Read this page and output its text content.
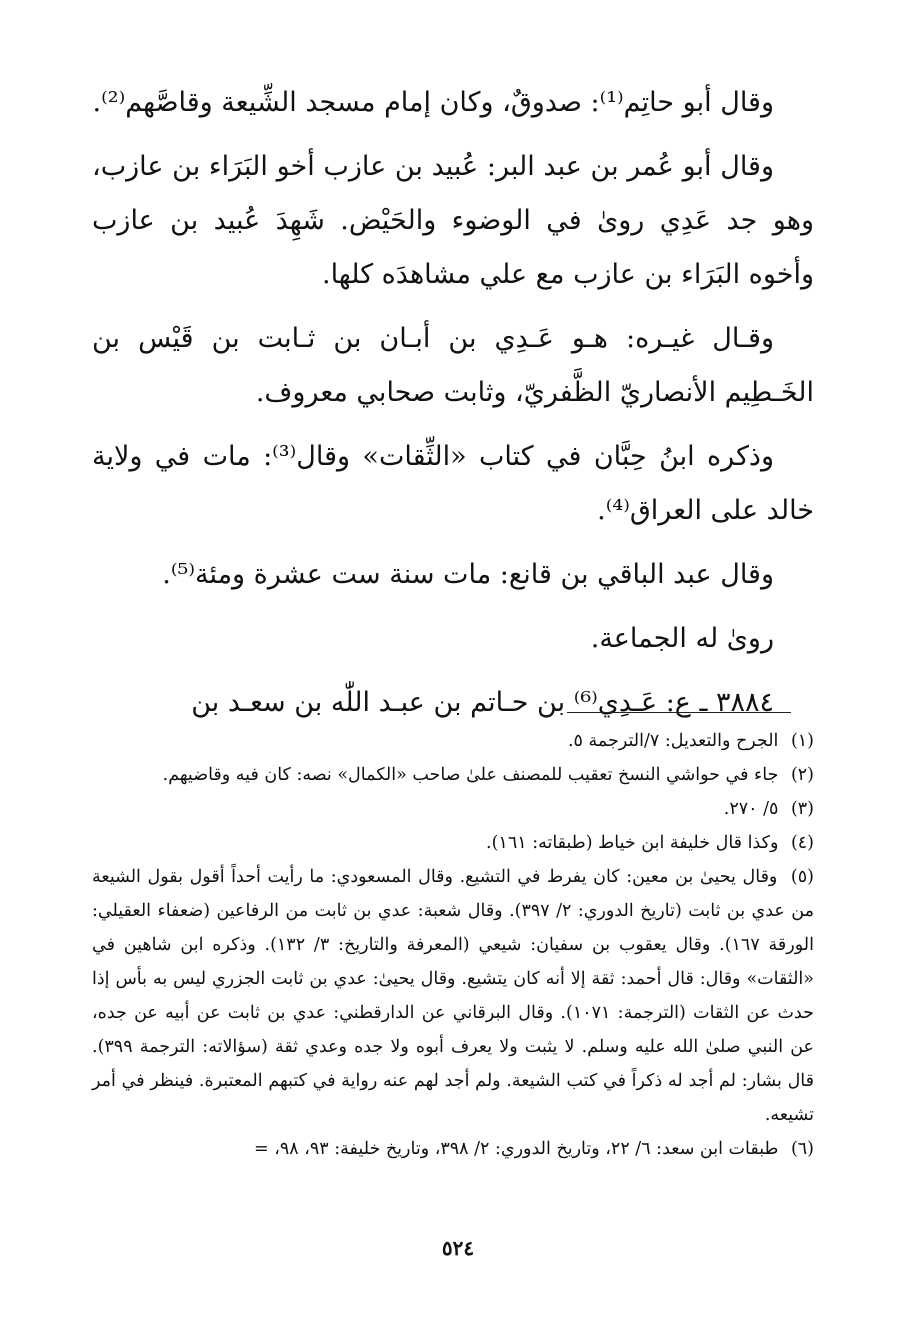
وقال أبو حاتِم⁽¹⁾: صدوقٌ، وكان إمام مسجد الشِّيعة وقاصَّهم⁽²⁾.

وقال أبو عُمر بن عبد البر: عُبيد بن عازب أخو البَرَاء بن عازب، وهو جد عَدِي روىٰ في الوضوء والحَيْض. شَهِدَ عُبيد بن عازب وأخوه البَرَاء بن عازب مع علي مشاهدَه كلها.

وقـال غيـره: هـو عَـدِي بن أبـان بن ثـابت بن قَيْس بن الخَـطِيم الأنصاريّ الظَّفريّ، وثابت صحابي معروف.

وذكره ابنُ حِبَّان في كتاب «الثِّقات» وقال⁽³⁾: مات في ولاية خالد على العراق⁽⁴⁾.

وقال عبد الباقي بن قانع: مات سنة ست عشرة ومئة⁽⁵⁾.

روىٰ له الجماعة.

٣٨٨٤ ـ ع: عَـدِي⁽⁶⁾ بن حـاتم بن عبـد اللّٰه بن سعـد بن

(١) الجرح والتعديل: ٧/الترجمة ٥.

(٢) جاء في حواشي النسخ تعقيب للمصنف علىٰ صاحب «الكمال» نصه: كان فيه وقاضيهم.

(٣) ٥/ ٢٧٠.

(٤) وكذا قال خليفة ابن خياط (طبقاته: ١٦١).

(٥) وقال يحيىٰ بن معين: كان يفرط في التشيع. وقال المسعودي: ما رأيت أحداً أقول بقول الشيعة من عدي بن ثابت (تاريخ الدوري: ٢/ ٣٩٧). وقال شعبة: عدي بن ثابت من الرفاعين (ضعفاء العقيلي: الورقة ١٦٧). وقال يعقوب بن سفيان: شيعي (المعرفة والتاريخ: ٣/ ١٣٢). وذكره ابن شاهين في «الثقات» وقال: قال أحمد: ثقة إلا أنه كان يتشيع. وقال يحيىٰ: عدي بن ثابت الجزري ليس به بأس إذا حدث عن الثقات (الترجمة: ١٠٧١). وقال البرقاني عن الدارقطني: عدي بن ثابت عن أبيه عن جده، عن النبي صلىٰ الله عليه وسلم. لا يثبت ولا يعرف أبوه ولا جده وعدي ثقة (سؤالاته: الترجمة ٣٩٩). قال بشار: لم أجد له ذكراً في كتب الشيعة. ولم أجد لهم عنه رواية في كتبهم المعتبرة. فينظر في أمر تشيعه.

(٦) طبقات ابن سعد: ٦/ ٢٢، وتاريخ الدوري: ٢/ ٣٩٨، وتاريخ خليفة: ٩٣، ٩٨، =

٥٢٤
